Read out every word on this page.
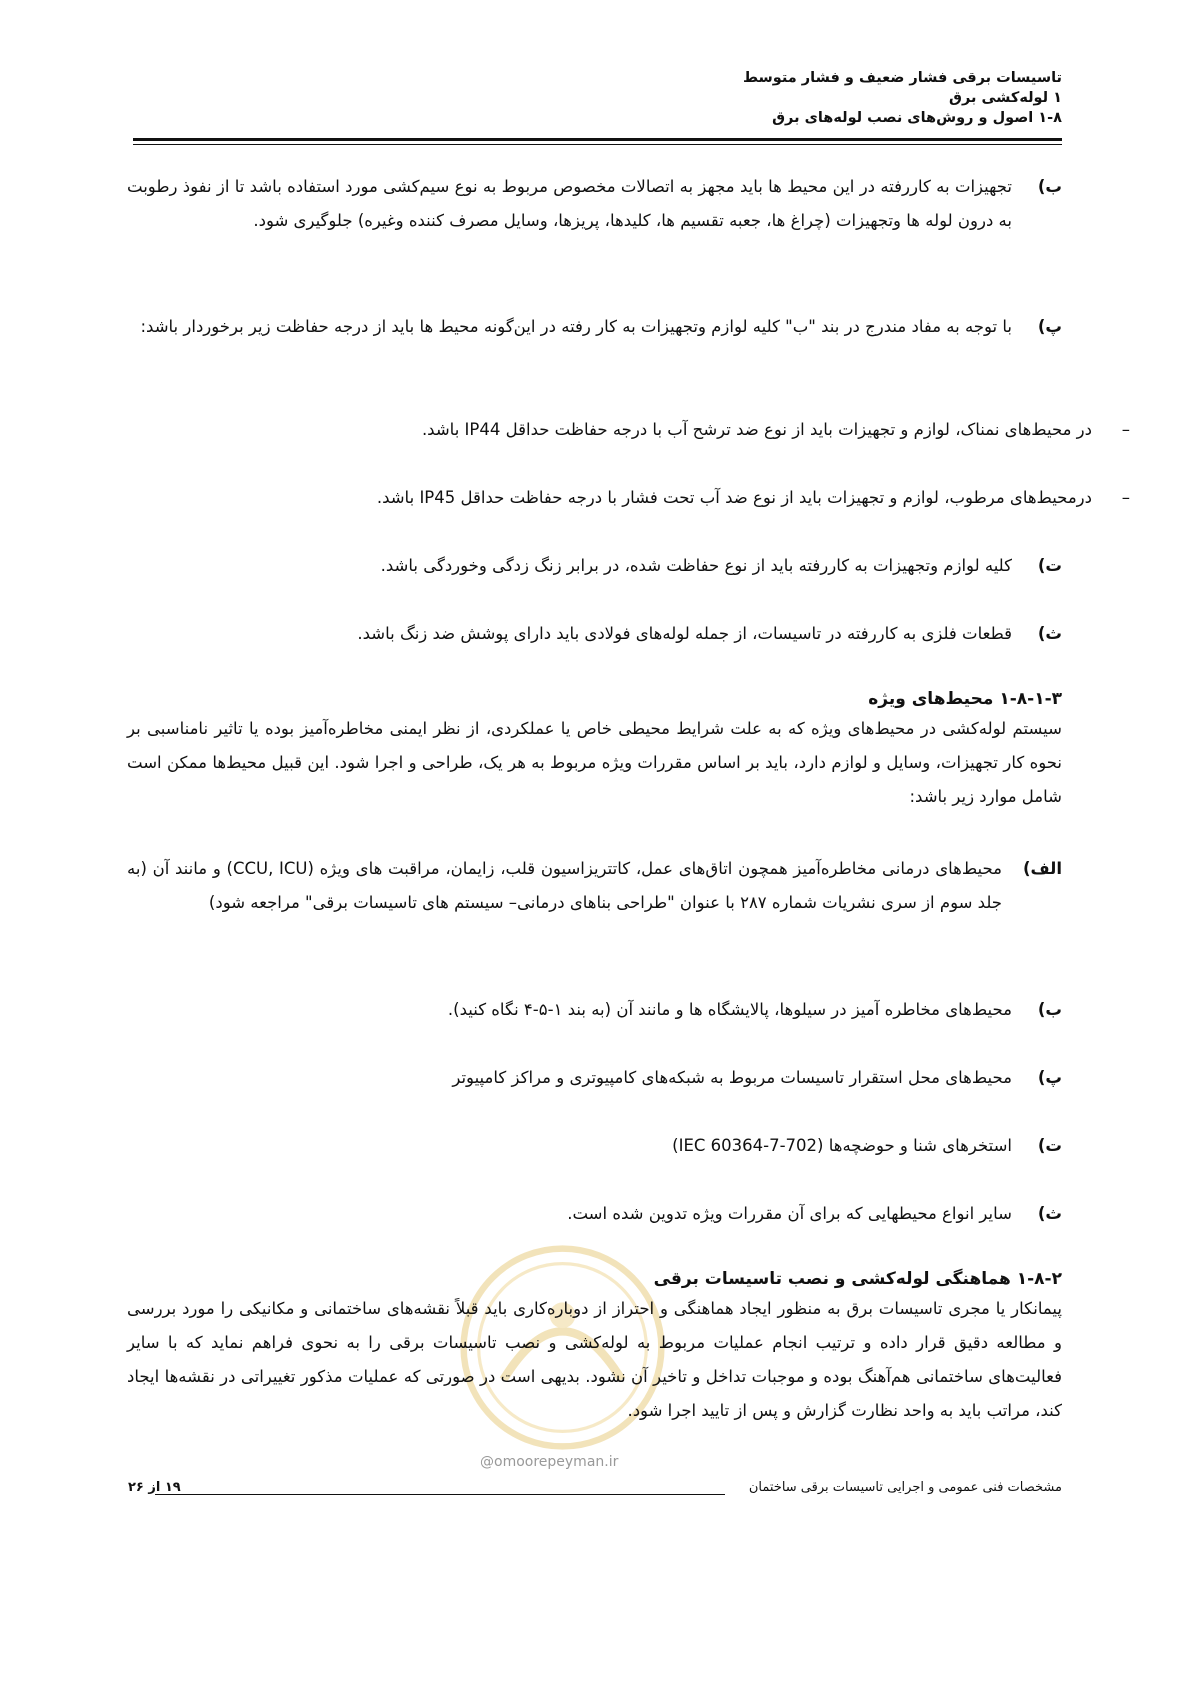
تاسیسات برقی فشار ضعیف و فشار متوسط
۱ لوله‌کشی برق
۱-۸ اصول و روش‌های نصب لوله‌های برق
ب)
تجهیزات به کاررفته در این محیط ها باید مجهز به اتصالات مخصوص مربوط به نوع سیم‌کشی مورد استفاده باشد تا از نفوذ رطوبت به درون لوله ها وتجهیزات (چراغ ها، جعبه تقسیم ها، کلیدها، پریزها، وسایل مصرف کننده وغیره) جلوگیری شود.
پ)
با توجه به مفاد مندرج در بند "ب" کلیه لوازم وتجهیزات به کار رفته در این‌گونه محیط ها باید از درجه حفاظت زیر برخوردار باشد:
–
در محیط‌های نمناک، لوازم و تجهیزات باید از نوع ضد ترشح آب با درجه حفاظت حداقل IP44 باشد.
–
درمحیط‌های مرطوب، لوازم و تجهیزات باید از نوع ضد آب تحت فشار با درجه حفاظت حداقل IP45 باشد.
ت)
کلیه لوازم وتجهیزات به کاررفته باید از نوع حفاظت شده، در برابر زنگ زدگی وخوردگی باشد.
ث)
قطعات فلزی به کاررفته در تاسیسات، از جمله لوله‌های فولادی باید دارای پوشش ضد زنگ باشد.
۱-۸-۱-۳ محیط‌های ویژه
سیستم لوله‌کشی در محیط‌های ویژه که به علت شرایط محیطی خاص یا عملکردی، از نظر ایمنی مخاطره‌آمیز بوده یا تاثیر نامناسبی بر نحوه کار تجهیزات، وسایل و لوازم دارد، باید بر اساس مقررات ویژه مربوط به هر یک، طراحی و اجرا شود. این قبیل محیط‌ها ممکن است شامل موارد زیر باشد:
الف)
محیط‌های درمانی مخاطره‌آمیز همچون اتاق‌های عمل، کاتتریزاسیون قلب، زایمان، مراقبت های ویژه (CCU, ICU) و مانند آن (به جلد سوم از سری نشریات شماره ۲۸۷ با عنوان "طراحی بناهای درمانی– سیستم های تاسیسات برقی" مراجعه شود)
ب)
محیط‌های مخاطره آمیز در سیلوها، پالایشگاه ها و مانند آن (به بند ۱-۵-۴ نگاه کنید).
پ)
محیط‌های محل استقرار تاسیسات مربوط به شبکه‌های کامپیوتری و مراکز کامپیوتر
ت)
استخرهای شنا و حوضچه‌ها (IEC 60364-7-702)
ث)
سایر انواع محیطهایی که برای آن مقررات ویژه تدوین شده است.
@omoorepeyman.ir
۱-۸-۲ هماهنگی لوله‌کشی و نصب تاسیسات برقی
پیمانکار یا مجری تاسیسات برق به منظور ایجاد هماهنگی و احتراز از دوباره‌کاری باید قبلاً نقشه‌های ساختمانی و مکانیکی را مورد بررسی و مطالعه دقیق قرار داده و ترتیب انجام عملیات مربوط به لوله‌کشی و نصب تاسیسات برقی را به نحوی فراهم نماید که با سایر فعالیت‌های ساختمانی هم‌آهنگ بوده و موجبات تداخل و تاخیر آن نشود. بدیهی است در صورتی که عملیات مذکور تغییراتی در نقشه‌ها ایجاد کند، مراتب باید به واحد نظارت گزارش و پس از تایید اجرا شود.
مشخصات فنی عمومی و اجرایی تاسیسات برقی ساختمان
۱۹ از ۲۶
